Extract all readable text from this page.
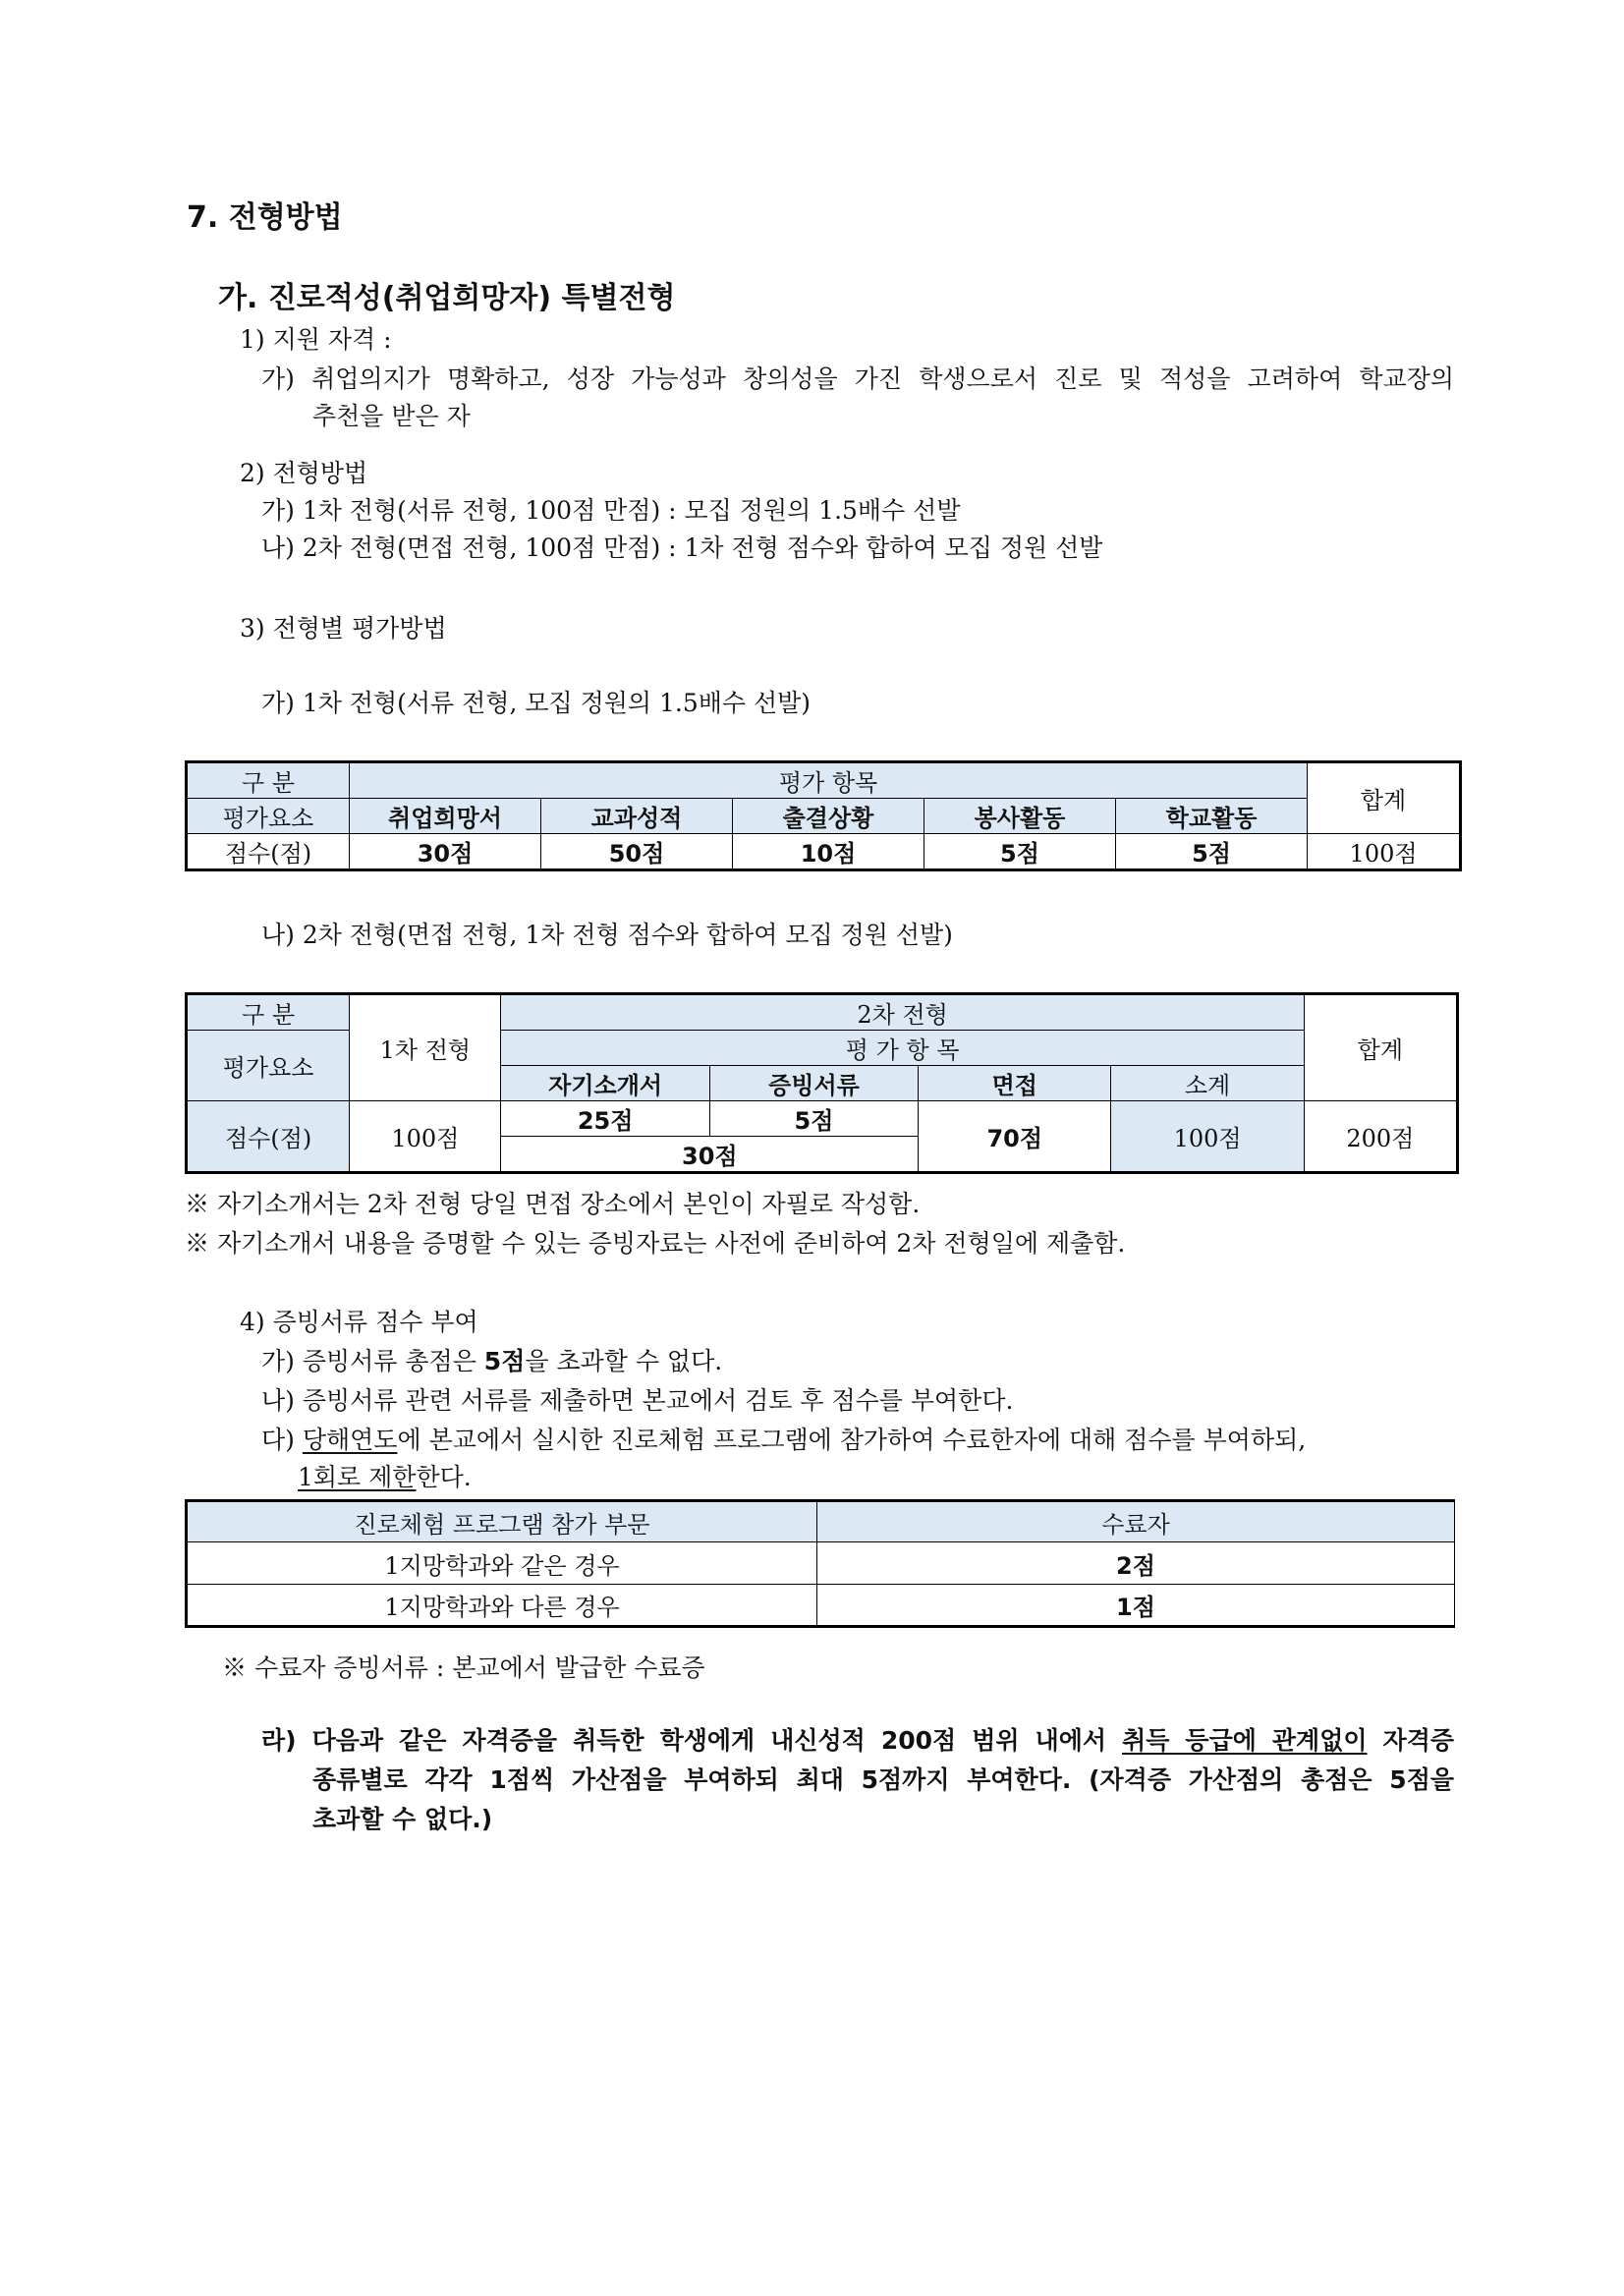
7. 전형방법
가. 진로적성(취업희망자) 특별전형
1) 지원 자격 :
가) 취업의지가 명확하고, 성장 가능성과 창의성을 가진 학생으로서 진로 및 적성을 고려하여 학교장의
추천을 받은 자
2) 전형방법
가) 1차 전형(서류 전형, 100점 만점) : 모집 정원의 1.5배수 선발
나) 2차 전형(면접 전형, 100점 만점) : 1차 전형 점수와 합하여 모집 정원 선발
3) 전형별 평가방법
가) 1차 전형(서류 전형, 모집 정원의 1.5배수 선발)
구 분	평가 항목					합계
평가요소	취업희망서	교과성적	출결상황	봉사활동	학교활동	
점수(점)	30점	50점	10점	5점	5점	100점
나) 2차 전형(면접 전형, 1차 전형 점수와 합하여 모집 정원 선발)
구 분	1차 전형	2차 전형				합계
평가요소		평 가 항 목				
		자기소개서	증빙서류	면접	소계	
점수(점)	100점	25점	5점	70점	100점	200점
		30점				
※ 자기소개서는 2차 전형 당일 면접 장소에서 본인이 자필로 작성함.
※ 자기소개서 내용을 증명할 수 있는 증빙자료는 사전에 준비하여 2차 전형일에 제출함.
4) 증빙서류 점수 부여
가) 증빙서류 총점은 5점을 초과할 수 없다.
나) 증빙서류 관련 서류를 제출하면 본교에서 검토 후 점수를 부여한다.
다) 당해연도에 본교에서 실시한 진로체험 프로그램에 참가하여 수료한자에 대해 점수를 부여하되,
1회로 제한한다.
진로체험 프로그램 참가 부문	수료자
1지망학과와 같은 경우	2점
1지망학과와 다른 경우	1점
※ 수료자 증빙서류 : 본교에서 발급한 수료증
라) 다음과 같은 자격증을 취득한 학생에게 내신성적 200점 범위 내에서 취득 등급에 관계없이 자격증
종류별로 각각 1점씩 가산점을 부여하되 최대 5점까지 부여한다. (자격증 가산점의 총점은 5점을
초과할 수 없다.)
